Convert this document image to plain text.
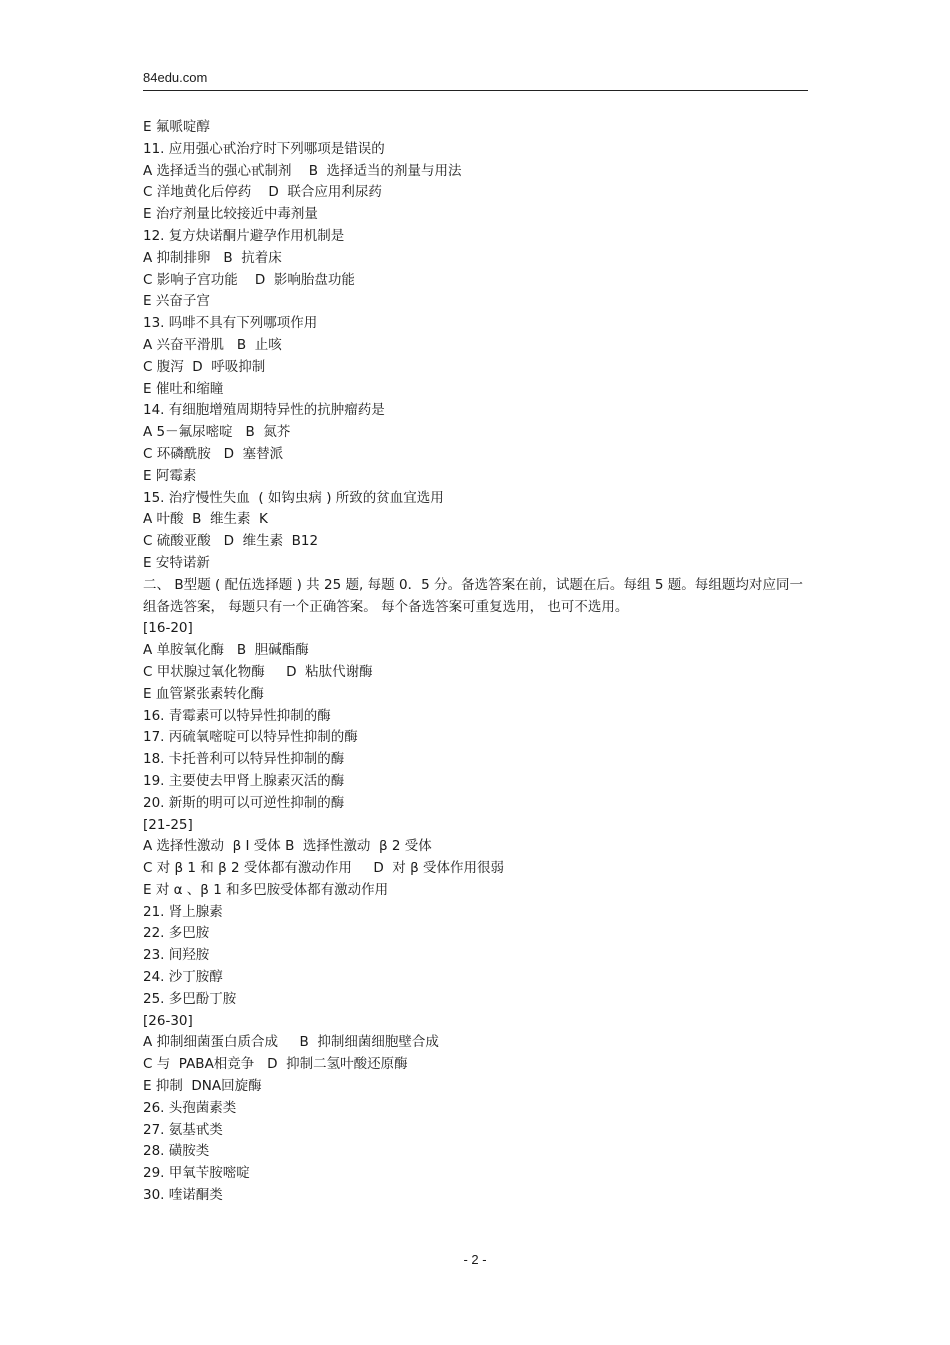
84edu.com
E 氟哌啶醇
11. 应用强心甙治疗时下列哪项是错误的
A 选择适当的强心甙制剂    B  选择适当的剂量与用法
C 洋地黄化后停药    D  联合应用利尿药
E 治疗剂量比较接近中毒剂量
12. 复方炔诺酮片避孕作用机制是
A 抑制排卵   B  抗着床
C 影响子宫功能    D  影响胎盘功能
E 兴奋子宫
13. 吗啡不具有下列哪项作用
A 兴奋平滑肌   B  止咳
C 腹泻  D  呼吸抑制
E 催吐和缩瞳
14. 有细胞增殖周期特异性的抗肿瘤药是
A 5－氟尿嘧啶   B  氮芥
C 环磷酰胺   D  塞替派
E 阿霉素
15. 治疗慢性失血  ( 如钩虫病 ) 所致的贫血宜选用
A 叶酸  B  维生素  K
C 硫酸亚酸   D  维生素  B12
E 安特诺新
二、 B型题 ( 配伍选择题 ) 共 25 题, 每题 0．5 分。备选答案在前，试题在后。每组 5 题。每组题均对应同一组备选答案， 每题只有一个正确答案。 每个备选答案可重复选用， 也可不选用。
[16-20]
A 单胺氧化酶   B  胆碱酯酶
C 甲状腺过氧化物酶     D  粘肽代谢酶
E 血管紧张素转化酶
16. 青霉素可以特异性抑制的酶
17. 丙硫氧嘧啶可以特异性抑制的酶
18. 卡托普利可以特异性抑制的酶
19. 主要使去甲肾上腺素灭活的酶
20. 新斯的明可以可逆性抑制的酶
[21-25]
A 选择性激动  β Ⅰ 受体 B  选择性激动  β 2 受体
C 对 β 1 和 β 2 受体都有激动作用     D  对 β 受体作用很弱
E 对 α 、β 1 和多巴胺受体都有激动作用
21. 肾上腺素
22. 多巴胺
23. 间羟胺
24. 沙丁胺醇
25. 多巴酚丁胺
[26-30]
A 抑制细菌蛋白质合成     B  抑制细菌细胞壁合成
C 与  PABA相竞争   D  抑制二氢叶酸还原酶
E 抑制  DNA回旋酶
26. 头孢菌素类
27. 氨基甙类
28. 磺胺类
29. 甲氧苄胺嘧啶
30. 喹诺酮类
- 2 -
